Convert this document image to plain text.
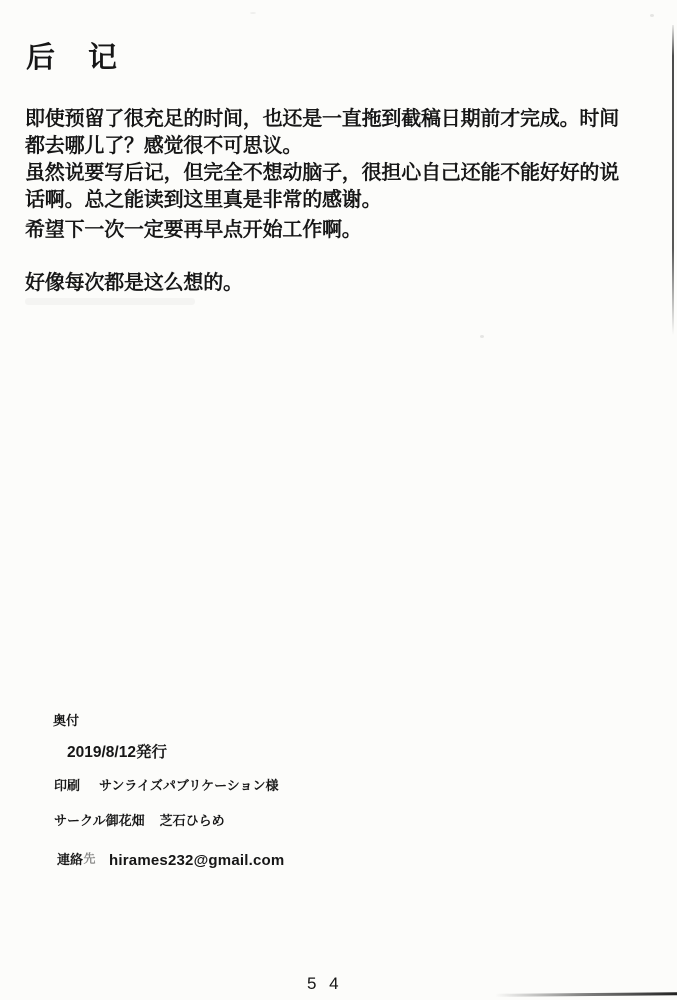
后　记
即使预留了很充足的时间，也还是一直拖到截稿日期前才完成。时间
都去哪儿了？感觉很不可思议。
虽然说要写后记，但完全不想动脑子，很担心自己还能不能好好的说
话啊。总之能读到这里真是非常的感谢。
希望下一次一定要再早点开始工作啊。
好像每次都是这么想的。
奥付
2019/8/12発行
印刷 サンライズパブリケーション様
サークル御花畑 芝石ひらめ
連絡先 hirames232@gmail.com
5 4
